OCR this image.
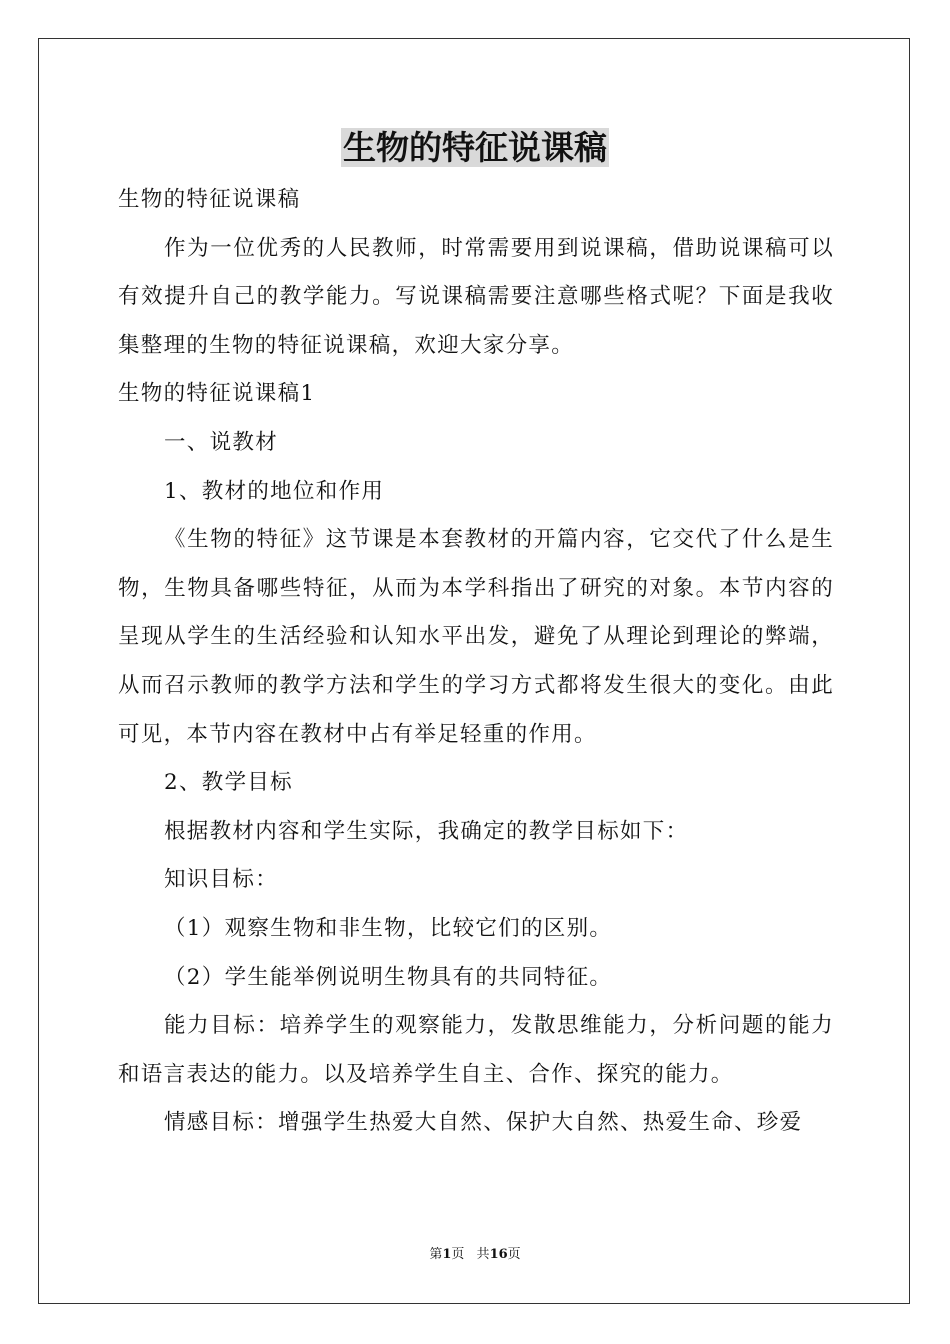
生物的特征说课稿

生物的特征说课稿

作为一位优秀的人民教师，时常需要用到说课稿，借助说课稿可以有效提升自己的教学能力。写说课稿需要注意哪些格式呢？下面是我收集整理的生物的特征说课稿，欢迎大家分享。

生物的特征说课稿1

一、说教材

1、教材的地位和作用

《生物的特征》这节课是本套教材的开篇内容，它交代了什么是生物，生物具备哪些特征，从而为本学科指出了研究的对象。本节内容的呈现从学生的生活经验和认知水平出发，避免了从理论到理论的弊端，从而召示教师的教学方法和学生的学习方式都将发生很大的变化。由此可见，本节内容在教材中占有举足轻重的作用。

2、教学目标

根据教材内容和学生实际，我确定的教学目标如下：

知识目标：

（1）观察生物和非生物，比较它们的区别。

（2）学生能举例说明生物具有的共同特征。

能力目标：培养学生的观察能力，发散思维能力，分析问题的能力和语言表达的能力。以及培养学生自主、合作、探究的能力。

情感目标：增强学生热爱大自然、保护大自然、热爱生命、珍爱

第1页 共16页
